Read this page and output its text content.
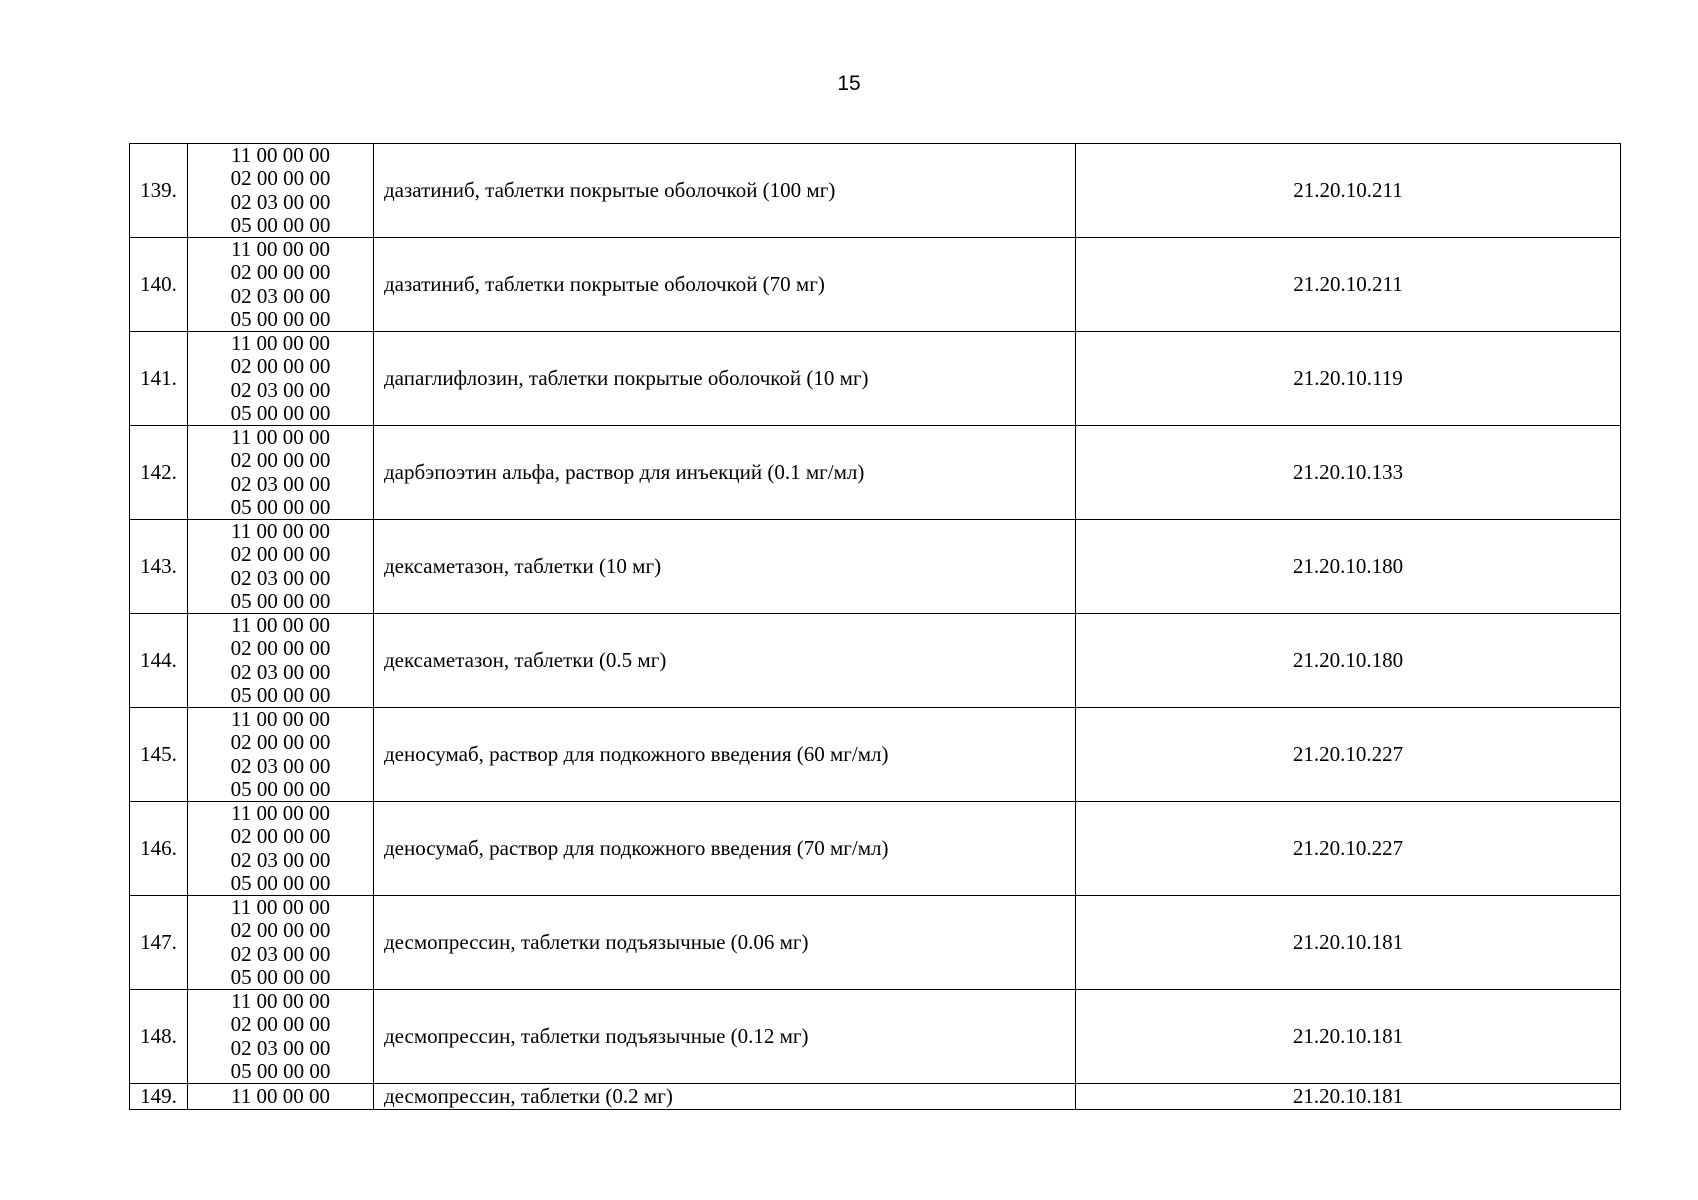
15
139.	11 00 00 00
02 00 00 00
02 03 00 00
05 00 00 00	дазатиниб, таблетки покрытые оболочкой (100 мг)	21.20.10.211
140.	11 00 00 00
02 00 00 00
02 03 00 00
05 00 00 00	дазатиниб, таблетки покрытые оболочкой (70 мг)	21.20.10.211
141.	11 00 00 00
02 00 00 00
02 03 00 00
05 00 00 00	дапаглифлозин, таблетки покрытые оболочкой (10 мг)	21.20.10.119
142.	11 00 00 00
02 00 00 00
02 03 00 00
05 00 00 00	дарбэпоэтин альфа, раствор для инъекций (0.1 мг/мл)	21.20.10.133
143.	11 00 00 00
02 00 00 00
02 03 00 00
05 00 00 00	дексаметазон, таблетки (10 мг)	21.20.10.180
144.	11 00 00 00
02 00 00 00
02 03 00 00
05 00 00 00	дексаметазон, таблетки (0.5 мг)	21.20.10.180
145.	11 00 00 00
02 00 00 00
02 03 00 00
05 00 00 00	деносумаб, раствор для подкожного введения (60 мг/мл)	21.20.10.227
146.	11 00 00 00
02 00 00 00
02 03 00 00
05 00 00 00	деносумаб, раствор для подкожного введения (70 мг/мл)	21.20.10.227
147.	11 00 00 00
02 00 00 00
02 03 00 00
05 00 00 00	десмопрессин, таблетки подъязычные (0.06 мг)	21.20.10.181
148.	11 00 00 00
02 00 00 00
02 03 00 00
05 00 00 00	десмопрессин, таблетки подъязычные (0.12 мг)	21.20.10.181
149.	11 00 00 00	десмопрессин, таблетки (0.2 мг)	21.20.10.181
